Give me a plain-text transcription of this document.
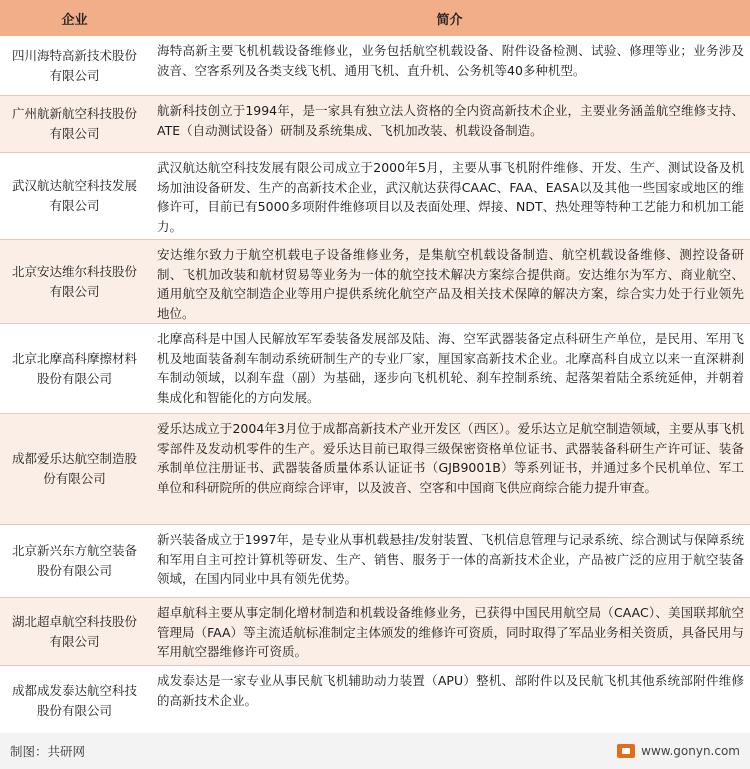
企业	简介
四川海特高新技术股份有限公司
海特高新主要飞机机载设备维修业，业务包括航空机载设备、附件设备检测、试验、修理等业；业务涉及波音、空客系列及各类支线飞机、通用飞机、直升机、公务机等40多种机型。
广州航新航空科技股份有限公司
航新科技创立于1994年，是一家具有独立法人资格的全内资高新技术企业，主要业务涵盖航空维修支持、ATE（自动测试设备）研制及系统集成、飞机加改装、机载设备制造。
武汉航达航空科技发展有限公司
武汉航达航空科技发展有限公司成立于2000年5月，主要从事飞机附件维修、开发、生产、测试设备及机场加油设备研发、生产的高新技术企业，武汉航达获得CAAC、FAA、EASA以及其他一些国家或地区的维修许可，目前已有5000多项附件维修项目以及表面处理、焊接、NDT、热处理等特种工艺能力和机加工能力。
北京安达维尔科技股份有限公司
安达维尔致力于航空机载电子设备维修业务，是集航空机载设备制造、航空机载设备维修、测控设备研制、飞机加改装和航材贸易等业务为一体的航空技术解决方案综合提供商。安达维尔为军方、商业航空、通用航空及航空制造企业等用户提供系统化航空产品及相关技术保障的解决方案，综合实力处于行业领先地位。
北京北摩高科摩擦材料股份有限公司
北摩高科是中国人民解放军军委装备发展部及陆、海、空军武器装备定点科研生产单位，是民用、军用飞机及地面装备刹车制动系统研制生产的专业厂家，厘国家高新技术企业。北摩高科自成立以来一直深耕刹车制动领域，以刹车盘（副）为基础，逐步向飞机机轮、刹车控制系统、起落架着陆全系统延伸，并朝着集成化和智能化的方向发展。
成都爱乐达航空制造股份有限公司
爱乐达成立于2004年3月位于成都高新技术产业开发区（西区）。爱乐达立足航空制造领域，主要从事飞机零部件及发动机零件的生产。爱乐达目前已取得三级保密资格单位证书、武器装备科研生产许可证、装备承制单位注册证书、武器装备质量体系认证证书（GJB9001B）等系列证书，并通过多个民机单位、军工单位和科研院所的供应商综合评审，以及波音、空客和中国商飞供应商综合能力提升审查。
北京新兴东方航空装备股份有限公司
新兴装备成立于1997年，是专业从事机载悬挂/发射装置、飞机信息管理与记录系统、综合测试与保障系统和军用自主可控计算机等研发、生产、销售、服务于一体的高新技术企业，产品被广泛的应用于航空装备领域，在国内同业中具有领先优势。
湖北超卓航空科技股份有限公司
超卓航科主要从事定制化增材制造和机载设备维修业务，已获得中国民用航空局（CAAC）、美国联邦航空管理局（FAA）等主流适航标准制定主体颁发的维修许可资质，同时取得了军品业务相关资质，具备民用与军用航空器维修许可资质。
成都成发泰达航空科技股份有限公司
成发泰达是一家专业从事民航飞机辅助动力装置（APU）整机、部附件以及民航飞机其他系统部附件维修的高新技术企业。
制图：共研网	www.gonyn.com
